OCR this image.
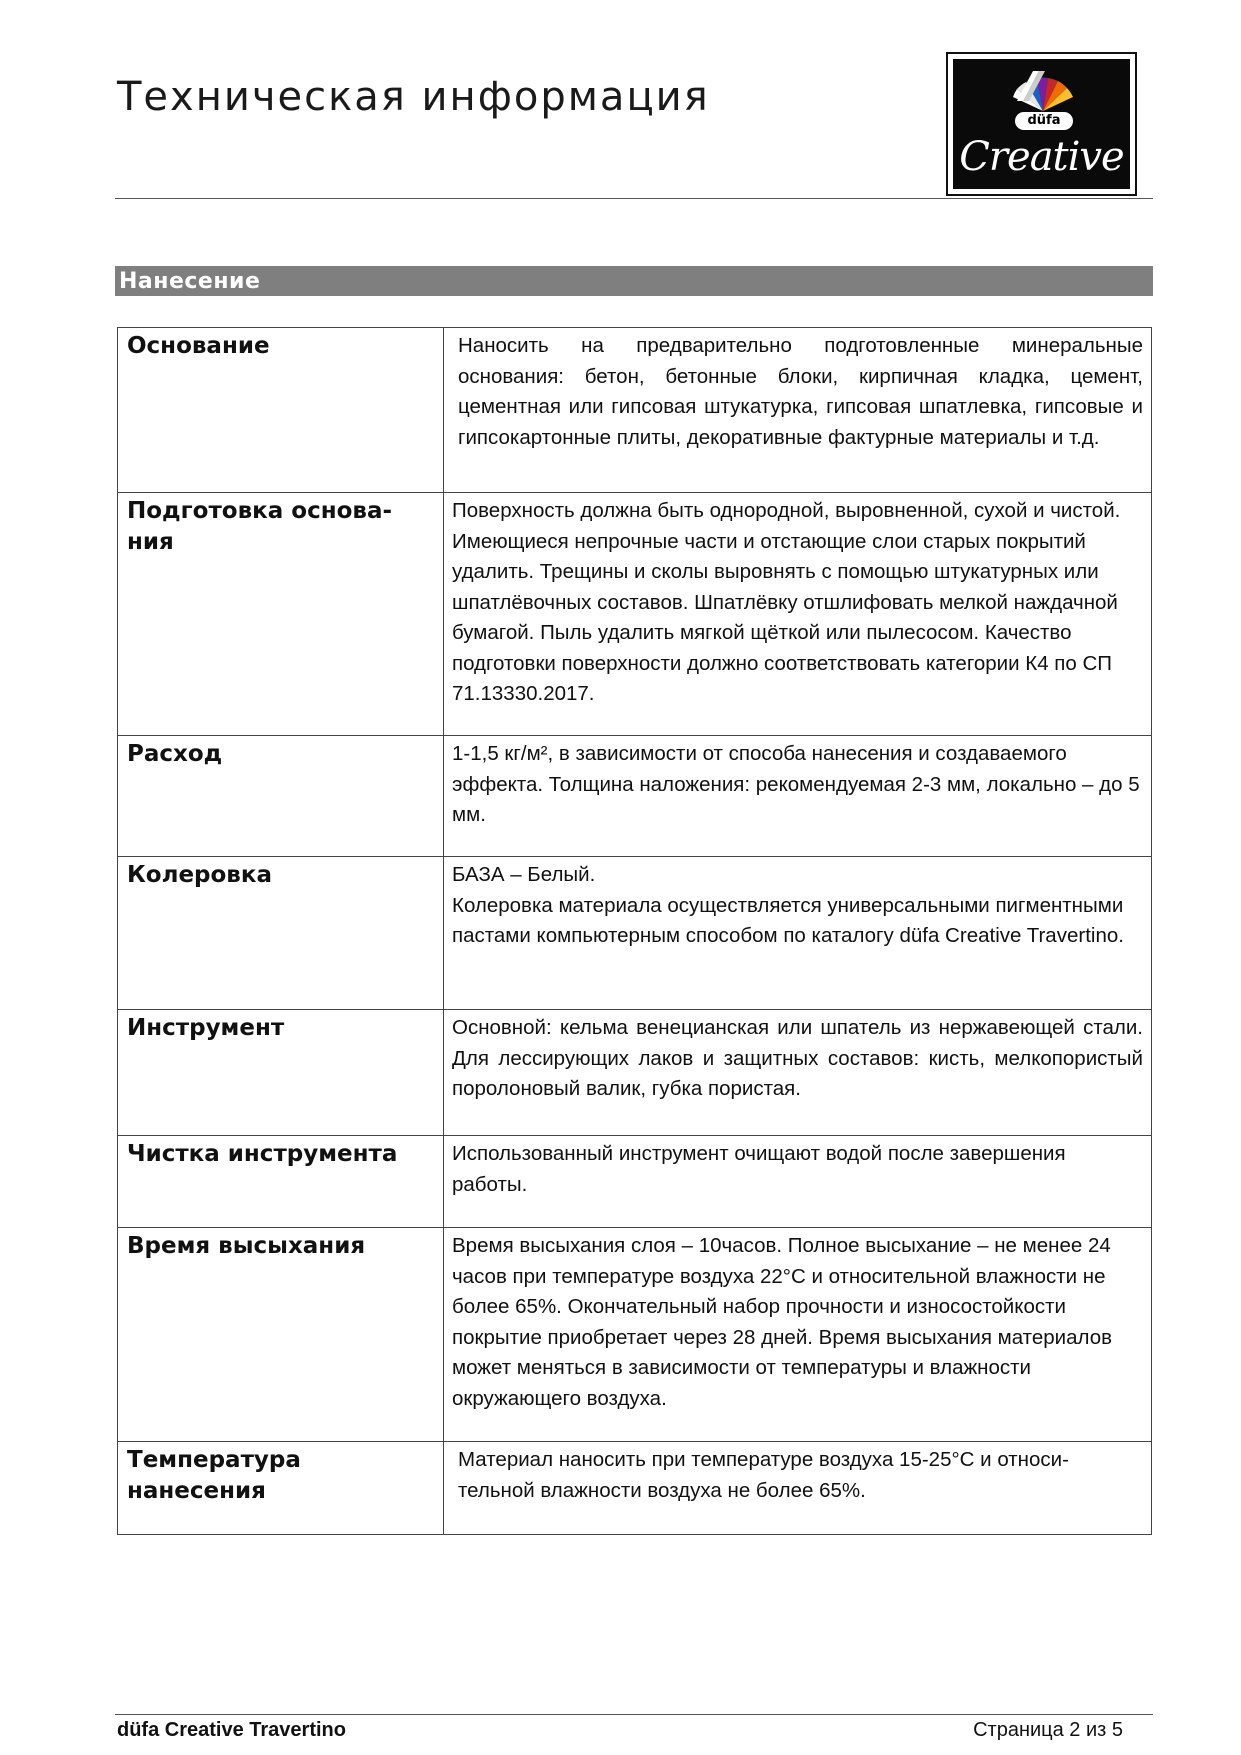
Техническая информация
düfa
Creative
Нанесение
Основание	Наносить на предварительно подготовленные минеральные основания: бетон, бетонные блоки, кирпичная кладка, цемент, цементная или гипсовая штукатурка, гипсовая шпатлевка, гипсовые и гипсокартонные плиты, декоративные фактурные материалы и т.д.
Подготовка основа-ния	Поверхность должна быть однородной, выровненной, сухой и чистой. Имеющиеся непрочные части и отстающие слои старых покрытий удалить. Трещины и сколы выровнять с помощью штукатурных или шпатлёвочных составов. Шпатлёвку отшлифовать мелкой наждачной бумагой. Пыль удалить мягкой щёткой или пылесосом. Качество подготовки поверхности должно соответствовать категории К4 по СП 71.13330.2017.
Расход	1-1,5 кг/м², в зависимости от способа нанесения и создаваемого эффекта. Толщина наложения: рекомендуемая 2-3 мм, локально – до 5 мм.
Колеровка	БАЗА – Белый.
Колеровка материала осуществляется универсальными пигментными пастами компьютерным способом по каталогу düfa Creative Travertino.

Инструмент	Основной: кельма венецианская или шпатель из нержавеющей стали. Для лессирующих лаков и защитных составов: кисть, мелкопористый поролоновый валик, губка пористая.
Чистка инструмента	Использованный инструмент очищают водой после завершения работы.
Время высыхания	Время высыхания слоя – 10часов. Полное высыхание – не менее 24 часов при температуре воздуха 22°С и относительной влажности не более 65%. Окончательный набор прочности и износостойкости покрытие приобретает через 28 дней. Время высыхания материалов может меняться в зависимости от температуры и влажности окружающего воздуха.
Температура нанесения	Материал наносить при температуре воздуха 15-25°С и относи-тельной влажности воздуха не более 65%.
düfa Creative Travertino	Страница 2 из 5
